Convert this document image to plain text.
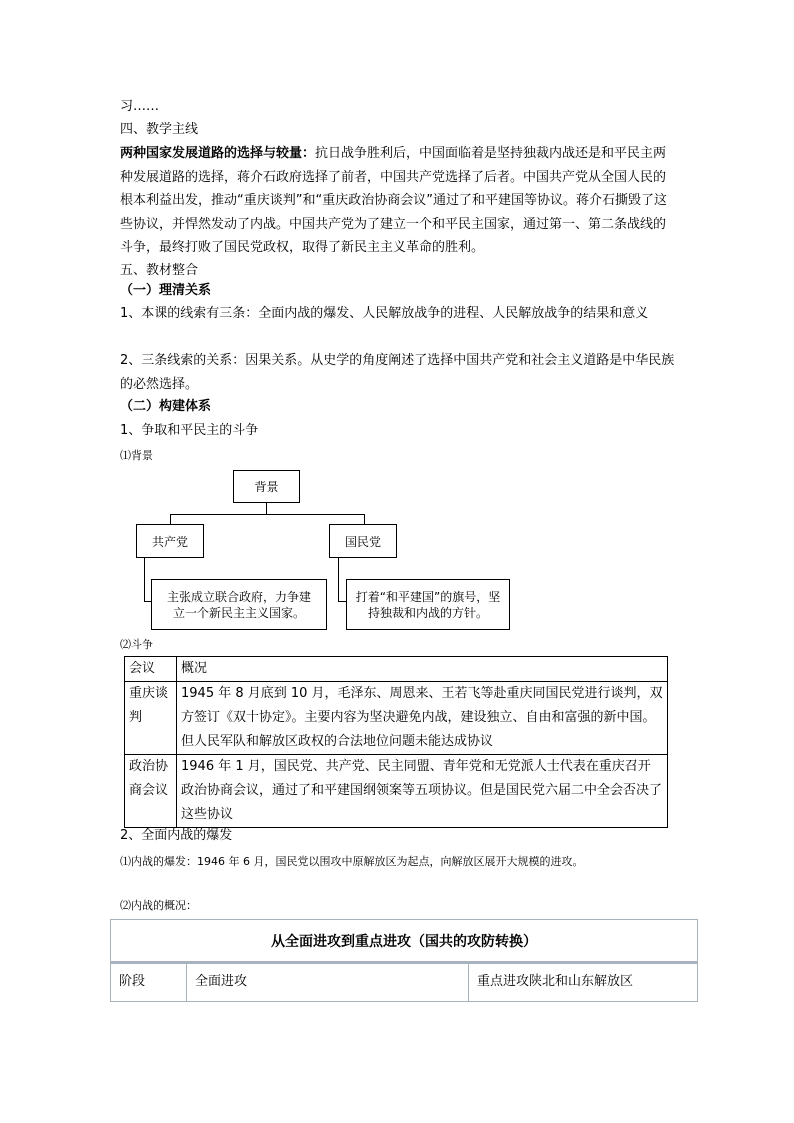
习……
四、教学主线
两种国家发展道路的选择与较量：抗日战争胜利后，中国面临着是坚持独裁内战还是和平民主两种发展道路的选择，蒋介石政府选择了前者，中国共产党选择了后者。中国共产党从全国人民的根本利益出发，推动“重庆谈判”和“重庆政治协商会议”通过了和平建国等协议。蒋介石撕毁了这些协议，并悍然发动了内战。中国共产党为了建立一个和平民主国家，通过第一、第二条战线的斗争，最终打败了国民党政权，取得了新民主主义革命的胜利。
五、教材整合
（一）理清关系
1、本课的线索有三条：全面内战的爆发、人民解放战争的进程、人民解放战争的结果和意义
2、三条线索的关系：因果关系。从史学的角度阐述了选择中国共产党和社会主义道路是中华民族的必然选择。
（二）构建体系
1、争取和平民主的斗争
⑴背景
背景
共产党	国民党
主张成立联合政府，力争建立一个新民主主义国家。
打着“和平建国”的旗号，坚持独裁和内战的方针。
⑵斗争
会议	概况
重庆谈判	1945 年 8 月底到 10 月，毛泽东、周恩来、王若飞等赴重庆同国民党进行谈判，双方签订《双十协定》。主要内容为坚决避免内战，建设独立、自由和富强的新中国。但人民军队和解放区政权的合法地位问题未能达成协议
政治协商会议	1946 年 1 月，国民党、共产党、民主同盟、青年党和无党派人士代表在重庆召开政治协商会议，通过了和平建国纲领案等五项协议。但是国民党六届二中全会否决了这些协议
2、全面内战的爆发
⑴内战的爆发：1946 年 6 月，国民党以围攻中原解放区为起点，向解放区展开大规模的进攻。
⑵内战的概况：
从全面进攻到重点进攻（国共的攻防转换）
阶段	全面进攻	重点进攻陕北和山东解放区
